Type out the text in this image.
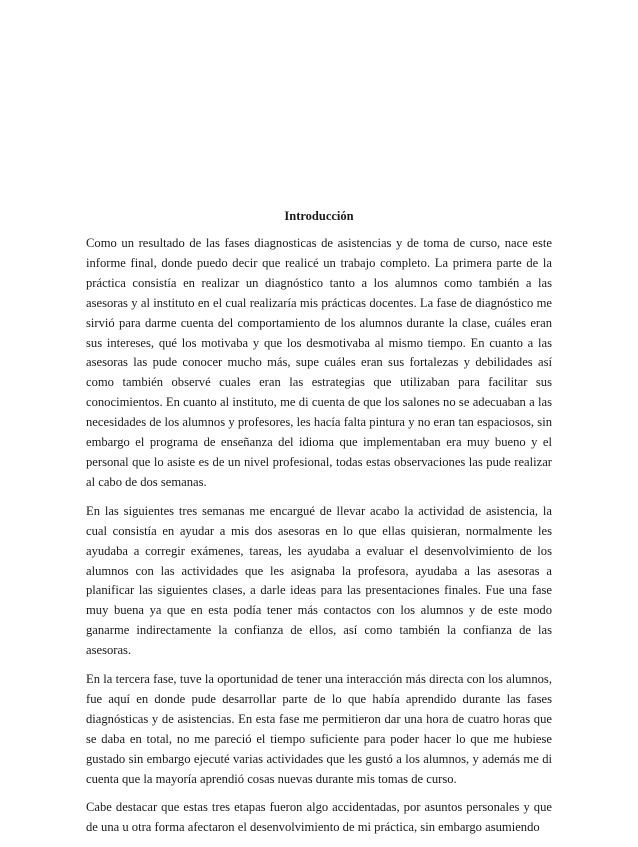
Introducción

Como un resultado de las fases diagnosticas de asistencias y de toma de curso, nace este informe final, donde puedo decir que realicé un trabajo completo. La primera parte de la práctica consistía en realizar un diagnóstico tanto a los alumnos como también a las asesoras y al instituto en el cual realizaría mis prácticas docentes. La fase de diagnóstico me sirvió para darme cuenta del comportamiento de los alumnos durante la clase, cuáles eran sus intereses, qué los motivaba y que los desmotivaba al mismo tiempo. En cuanto a las asesoras las pude conocer mucho más, supe cuáles eran sus fortalezas y debilidades así como también observé cuales eran las estrategias que utilizaban para facilitar sus conocimientos. En cuanto al instituto, me di cuenta de que los salones no se adecuaban a las necesidades de los alumnos y profesores, les hacía falta pintura y no eran tan espaciosos, sin embargo el programa de enseñanza del idioma que implementaban era muy bueno y el personal que lo asiste es de un nivel profesional, todas estas observaciones las pude realizar al cabo de dos semanas.

En las siguientes tres semanas me encargué de llevar acabo la actividad de asistencia, la cual consistía en ayudar a mis dos asesoras en lo que ellas quisieran, normalmente les ayudaba a corregir exámenes, tareas, les ayudaba a evaluar el desenvolvimiento de los alumnos con las actividades que les asignaba la profesora, ayudaba a las asesoras a planificar las siguientes clases, a darle ideas para las presentaciones finales. Fue una fase muy buena ya que en esta podía tener más contactos con los alumnos y de este modo ganarme indirectamente la confianza de ellos, así como también la confianza de las asesoras.

En la tercera fase, tuve la oportunidad de tener una interacción más directa con los alumnos, fue aquí en donde pude desarrollar parte de lo que había aprendido durante las fases diagnósticas y de asistencias. En esta fase me permitieron dar una hora de cuatro horas que se daba en total, no me pareció el tiempo suficiente para poder hacer lo que me hubiese gustado sin embargo ejecuté varias actividades que les gustó a los alumnos, y además me di cuenta que la mayoría aprendió cosas nuevas durante mis tomas de curso.

Cabe destacar que estas tres etapas fueron algo accidentadas, por asuntos personales y que de una u otra forma afectaron el desenvolvimiento de mi práctica, sin embargo asumiendo
